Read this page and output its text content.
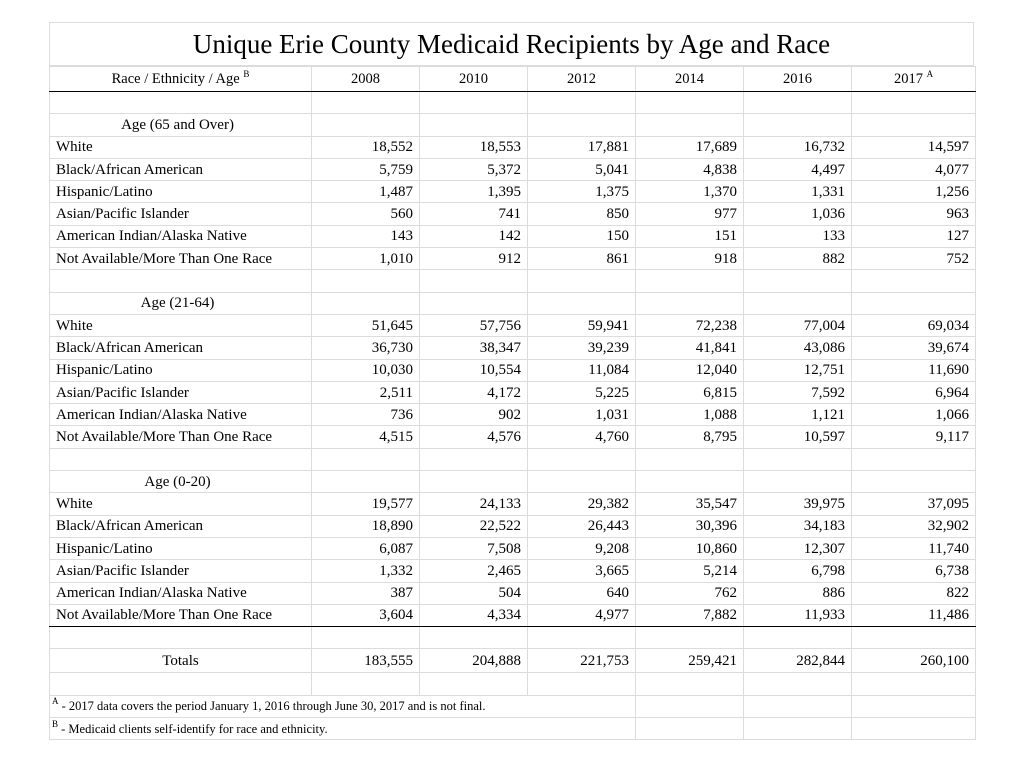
Unique Erie County Medicaid Recipients by Age and Race
Race / Ethnicity / Age $^B$	2008	2010	2012	2014	2016	2017 $^A$

Age (65 and Over)						
White	18,552	18,553	17,881	17,689	16,732	14,597
Black/African American	5,759	5,372	5,041	4,838	4,497	4,077
Hispanic/Latino	1,487	1,395	1,375	1,370	1,331	1,256
Asian/Pacific Islander	560	741	850	977	1,036	963
American Indian/Alaska Native	143	142	150	151	133	127
Not Available/More Than One Race	1,010	912	861	918	882	752

Age (21-64)						
White	51,645	57,756	59,941	72,238	77,004	69,034
Black/African American	36,730	38,347	39,239	41,841	43,086	39,674
Hispanic/Latino	10,030	10,554	11,084	12,040	12,751	11,690
Asian/Pacific Islander	2,511	4,172	5,225	6,815	7,592	6,964
American Indian/Alaska Native	736	902	1,031	1,088	1,121	1,066
Not Available/More Than One Race	4,515	4,576	4,760	8,795	10,597	9,117

Age (0-20)						
White	19,577	24,133	29,382	35,547	39,975	37,095
Black/African American	18,890	22,522	26,443	30,396	34,183	32,902
Hispanic/Latino	6,087	7,508	9,208	10,860	12,307	11,740
Asian/Pacific Islander	1,332	2,465	3,665	5,214	6,798	6,738
American Indian/Alaska Native	387	504	640	762	886	822
Not Available/More Than One Race	3,604	4,334	4,977	7,882	11,933	11,486

Totals	183,555	204,888	221,753	259,421	282,844	260,100

$^A$ - 2017 data covers the period January 1, 2016 through June 30, 2017 and is not final.						
$^B$ - Medicaid clients self-identify for race and ethnicity.						
